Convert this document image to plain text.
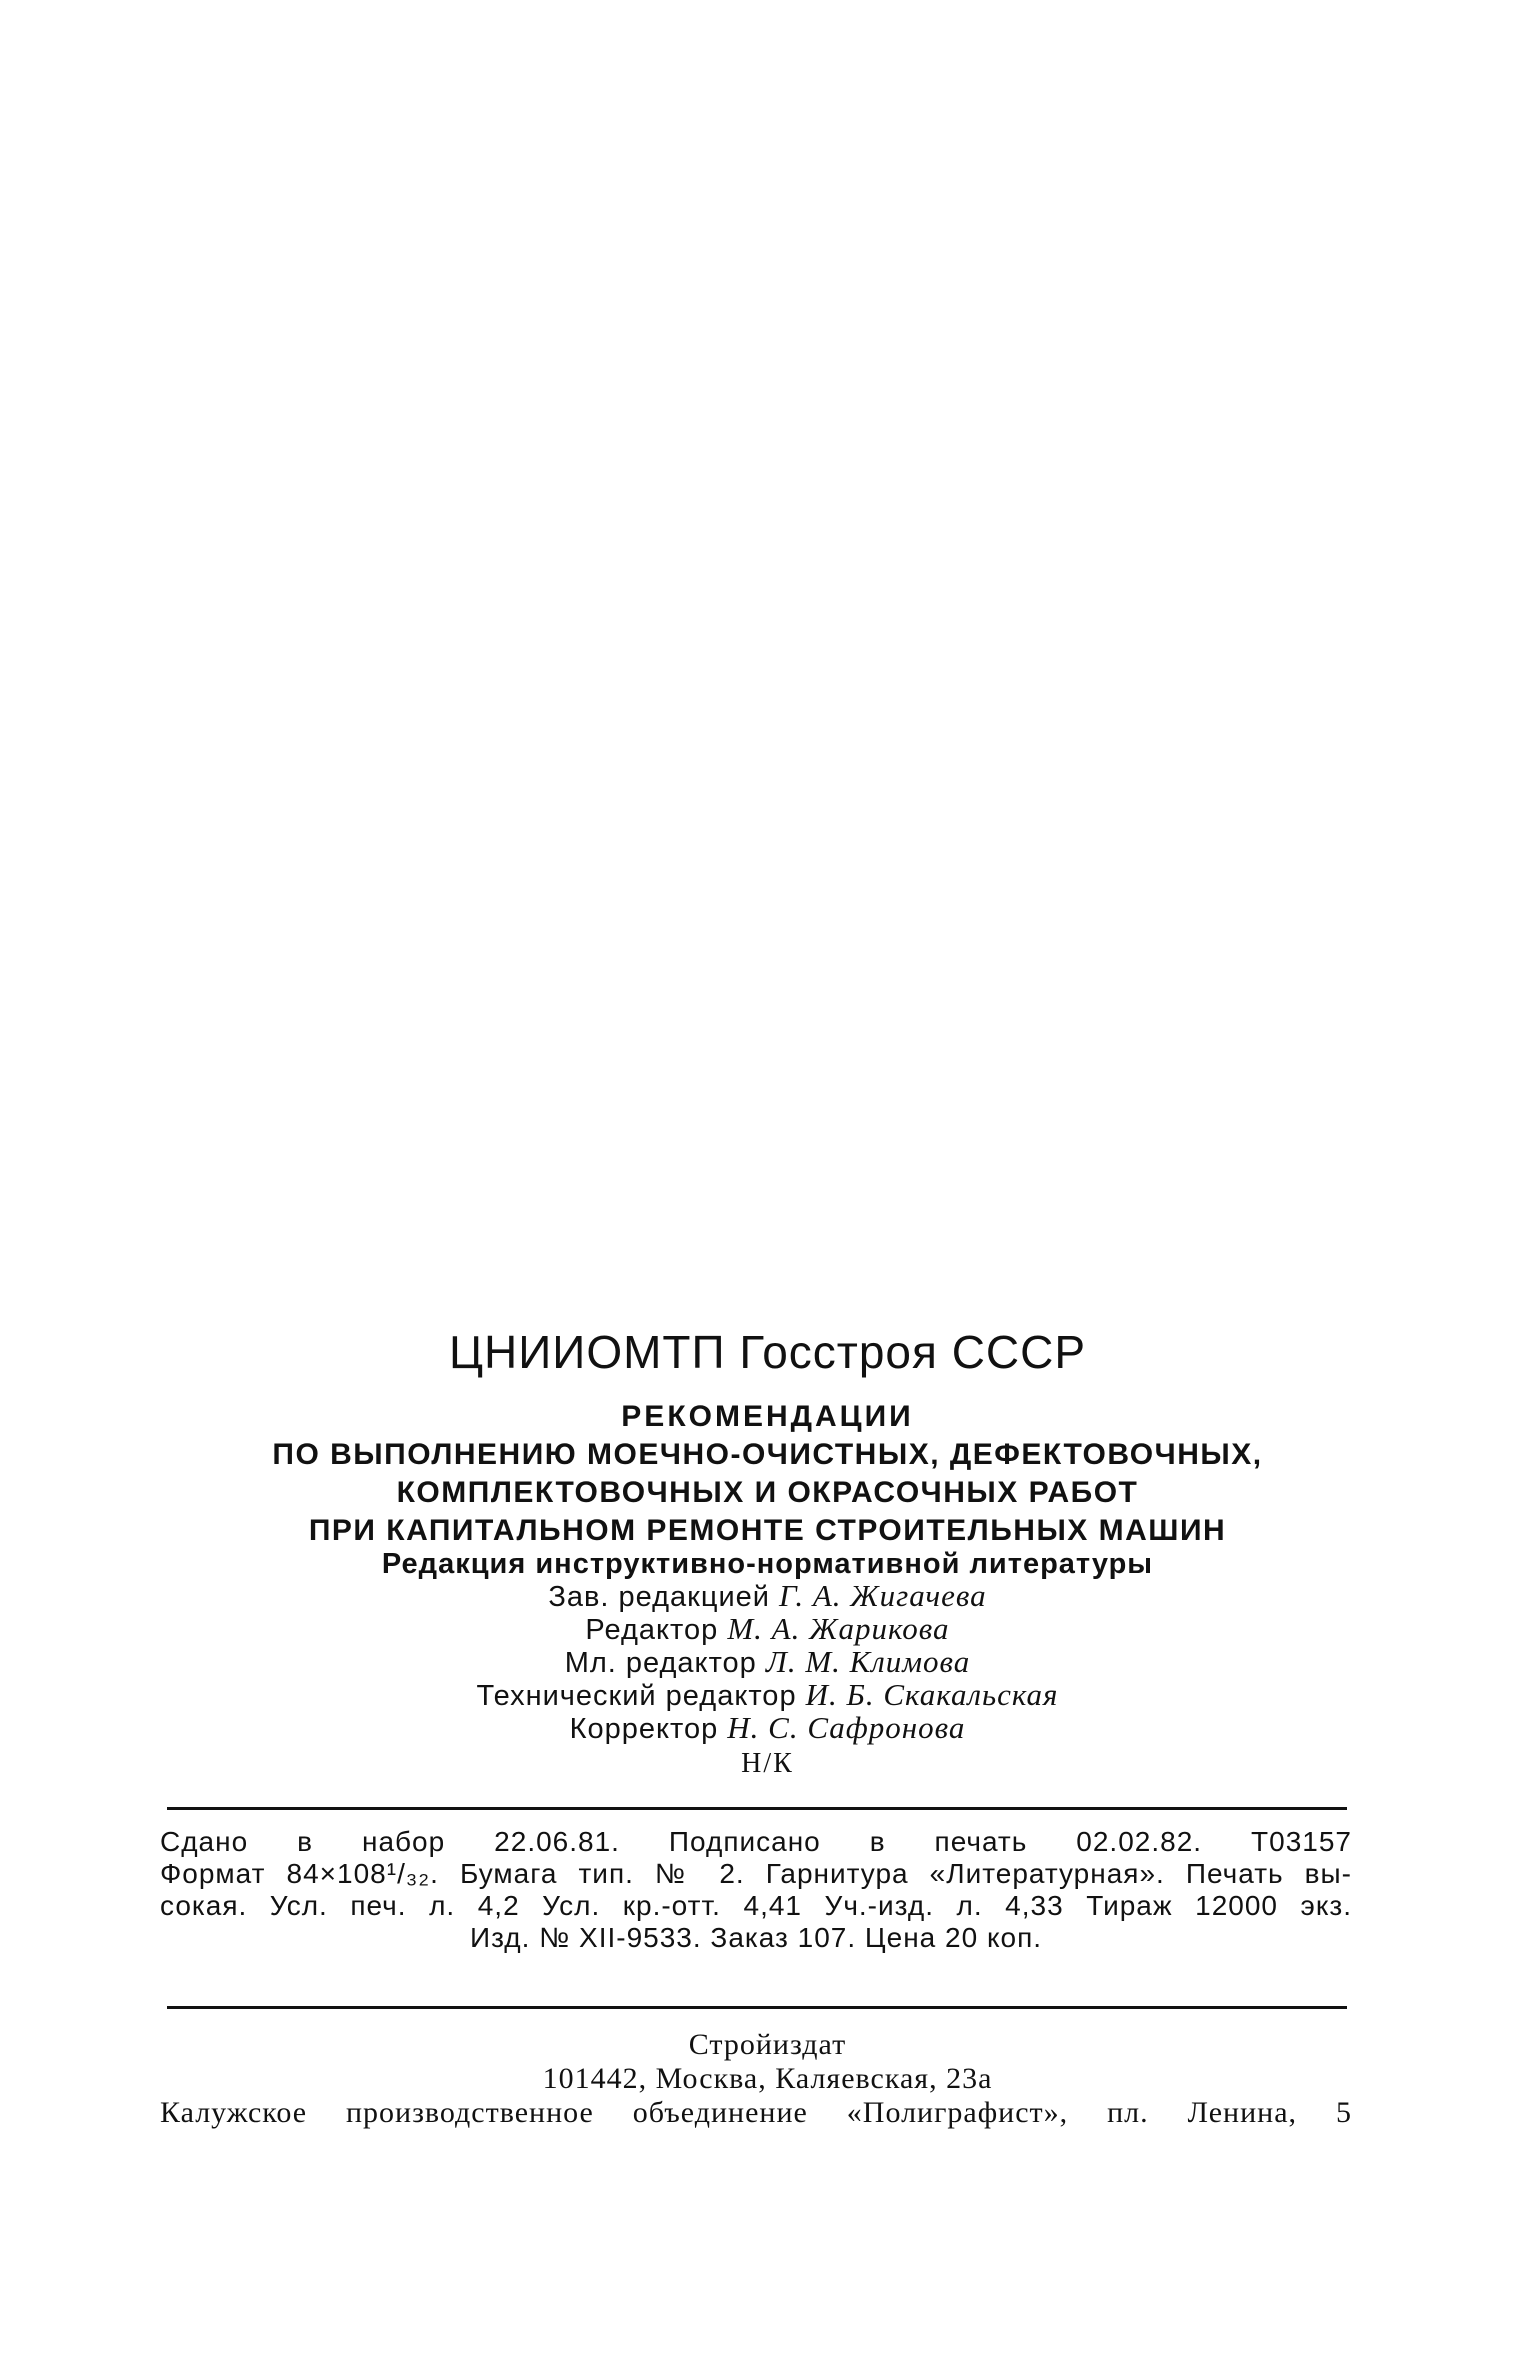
ЦНИИОМТП Госстроя СССР
РЕКОМЕНДАЦИИ
ПО ВЫПОЛНЕНИЮ МОЕЧНО-ОЧИСТНЫХ, ДЕФЕКТОВОЧНЫХ,
КОМПЛЕКТОВОЧНЫХ И ОКРАСОЧНЫХ РАБОТ
ПРИ КАПИТАЛЬНОМ РЕМОНТЕ СТРОИТЕЛЬНЫХ МАШИН
Редакция инструктивно-нормативной литературы
Зав. редакцией Г. А. Жигачева
Редактор М. А. Жарикова
Мл. редактор Л. М. Климова
Технический редактор И. Б. Скакальская
Корректор Н. С. Сафронова
Н/К
Сдано в набор 22.06.81. Подписано в печать 02.02.82. Т03157
Формат 84×108¹/₃₂. Бумага тип. № 2. Гарнитура «Литературная». Печать вы-
сокая. Усл. печ. л. 4,2 Усл. кр.-отт. 4,41 Уч.-изд. л. 4,33 Тираж 12000 экз.
Изд. № XII-9533. Заказ 107. Цена 20 коп.
Стройиздат
101442, Москва, Каляевская, 23а
Калужское производственное объединение «Полиграфист», пл. Ленина, 5
